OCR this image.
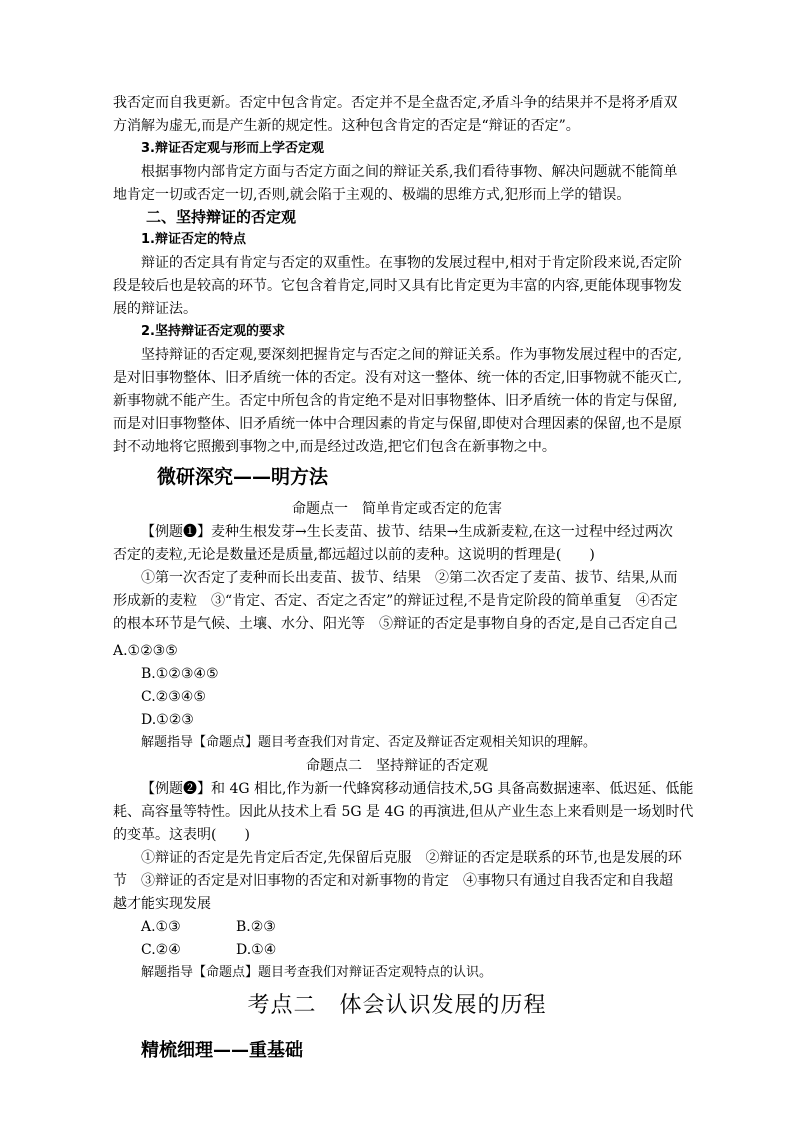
我否定而自我更新。否定中包含肯定。否定并不是全盘否定,矛盾斗争的结果并不是将矛盾双
方消解为虚无,而是产生新的规定性。这种包含肯定的否定是“辩证的否定”。
3.辩证否定观与形而上学否定观
根据事物内部肯定方面与否定方面之间的辩证关系,我们看待事物、解决问题就不能简单
地肯定一切或否定一切,否则,就会陷于主观的、极端的思维方式,犯形而上学的错误。
二、坚持辩证的否定观
1.辩证否定的特点
辩证的否定具有肯定与否定的双重性。在事物的发展过程中,相对于肯定阶段来说,否定阶
段是较后也是较高的环节。它包含着肯定,同时又具有比肯定更为丰富的内容,更能体现事物发
展的辩证法。
2.坚持辩证否定观的要求
坚持辩证的否定观,要深刻把握肯定与否定之间的辩证关系。作为事物发展过程中的否定,
是对旧事物整体、旧矛盾统一体的否定。没有对这一整体、统一体的否定,旧事物就不能灭亡,
新事物就不能产生。否定中所包含的肯定绝不是对旧事物整体、旧矛盾统一体的肯定与保留,
而是对旧事物整体、旧矛盾统一体中合理因素的肯定与保留,即使对合理因素的保留,也不是原
封不动地将它照搬到事物之中,而是经过改造,把它们包含在新事物之中。
微研深究——明方法
命题点一　简单肯定或否定的危害
【例题❶】麦种生根发芽→生长麦苗、拔节、结果→生成新麦粒,在这一过程中经过两次
否定的麦粒,无论是数量还是质量,都远超过以前的麦种。这说明的哲理是(　　)
①第一次否定了麦种而长出麦苗、拔节、结果　②第二次否定了麦苗、拔节、结果,从而
形成新的麦粒　③“肯定、否定、否定之否定”的辩证过程,不是肯定阶段的简单重复　④否定
的根本环节是气候、土壤、水分、阳光等　⑤辩证的否定是事物自身的否定,是自己否定自己
A.①②③⑤
B.①②③④⑤
C.②③④⑤
D.①②③
解题指导【命题点】题目考查我们对肯定、否定及辩证否定观相关知识的理解。
命题点二　坚持辩证的否定观
【例题❷】和 4G 相比,作为新一代蜂窝移动通信技术,5G 具备高数据速率、低迟延、低能
耗、高容量等特性。因此从技术上看 5G 是 4G 的再演进,但从产业生态上来看则是一场划时代
的变革。这表明(　　)
①辩证的否定是先肯定后否定,先保留后克服　②辩证的否定是联系的环节,也是发展的环
节　③辩证的否定是对旧事物的否定和对新事物的肯定　④事物只有通过自我否定和自我超
越才能实现发展
A.①③	B.②③
C.②④	D.①④
解题指导【命题点】题目考查我们对辩证否定观特点的认识。
考点二　体会认识发展的历程
精梳细理——重基础
